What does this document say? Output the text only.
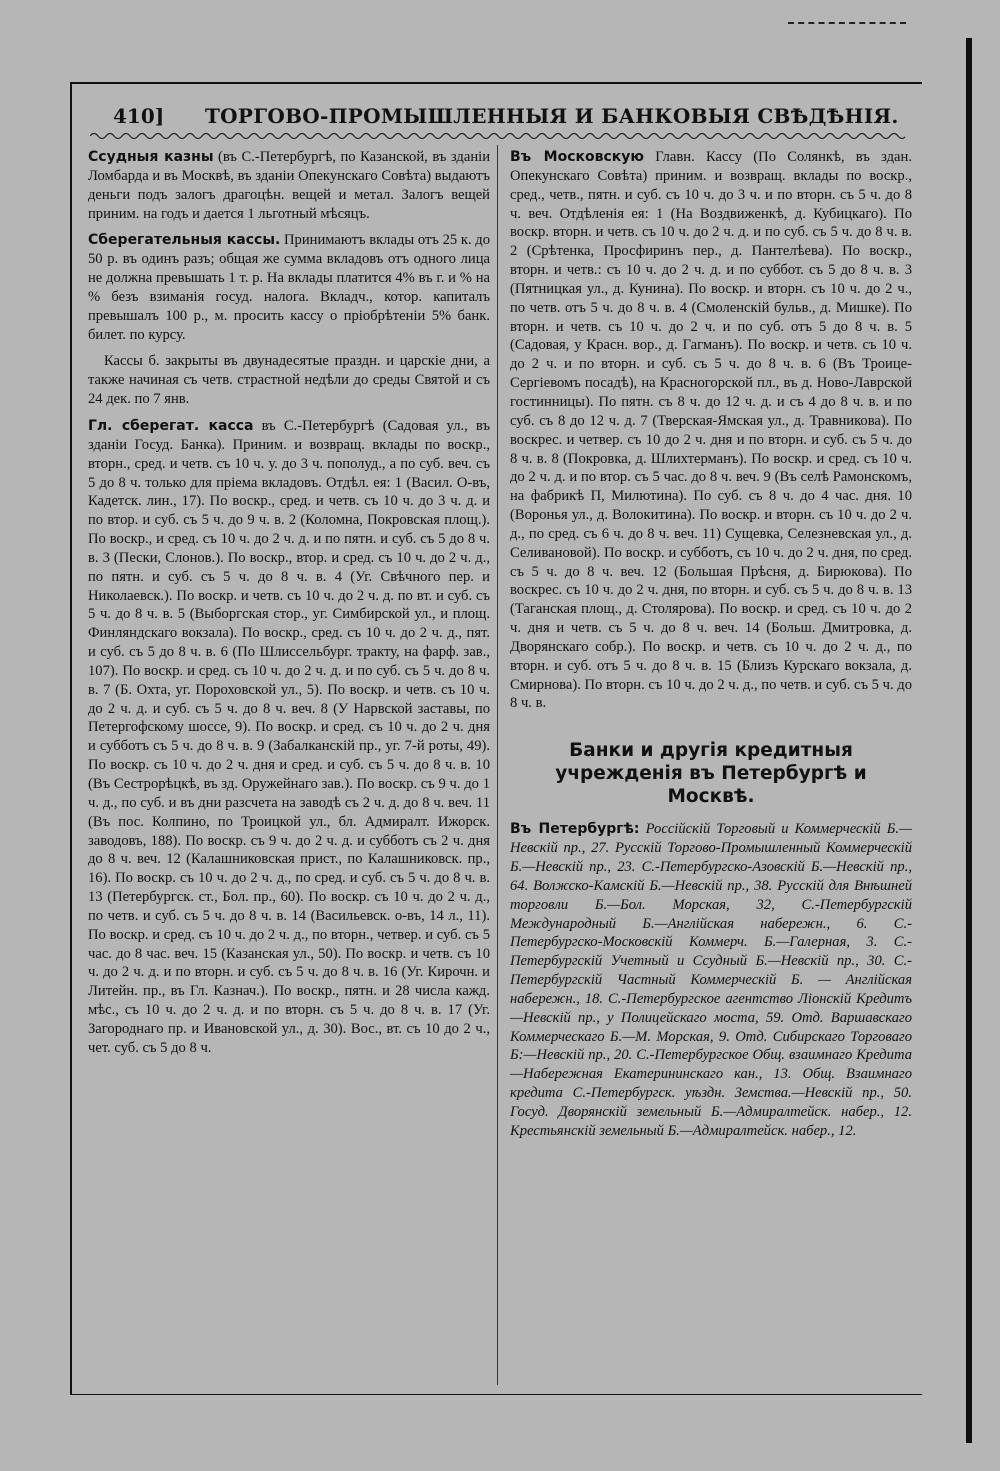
410] ТОРГОВО-ПРОМЫШЛЕННЫЯ И БАНКОВЫЯ СВѢДѢНIЯ.

Ссудныя казны (въ С.-Петербургѣ, по Казанской, въ зданiи Ломбарда и въ Москвѣ, въ зданiи Опекунскаго Совѣта) выдаютъ деньги подъ залогъ драгоцѣн. вещей и метал. Залогъ вещей приним. на годъ и дается 1 льготный мѣсяцъ.

Сберегательныя кассы. Принимаютъ вклады отъ 25 к. до 50 р. въ одинъ разъ; общая же сумма вкладовъ отъ одного лица не должна превышать 1 т. р. На вклады платится 4% въ г. и % на % безъ взиманiя госуд. налога. Вкладч., котор. капиталъ превышалъ 100 р., м. просить кассу о прiобрѣтенiи 5% банк. билет. по курсу.

Кассы б. закрыты въ двунадесятые праздн. и царскiе дни, а также начиная съ четв. страстной недѣли до среды Святой и съ 24 дек. по 7 янв.

Гл. сберегат. касса въ С.-Петербургѣ (Садовая ул., въ зданiи Госуд. Банка). Приним. и возвращ. вклады по воскр., вторн., сред. и четв. съ 10 ч. у. до 3 ч. пополуд., а по суб. веч. съ 5 до 8 ч. только для прiема вкладовъ. Отдѣл. ея: 1 (Васил. О-въ, Кадетск. лин., 17). По воскр., сред. и четв. съ 10 ч. до 3 ч. д. и по втор. и суб. съ 5 ч. до 9 ч. в. 2 (Коломна, Покровская площ.). По воскр., и сред. съ 10 ч. до 2 ч. д. и по пятн. и суб. съ 5 до 8 ч. в. 3 (Пески, Слонов.). По воскр., втор. и сред. съ 10 ч. до 2 ч. д., по пятн. и суб. съ 5 ч. до 8 ч. в. 4 (Уг. Свѣчного пер. и Николаевск.). По воскр. и четв. съ 10 ч. до 2 ч. д. по вт. и суб. съ 5 ч. до 8 ч. в. 5 (Выборгская стор., уг. Симбирской ул., и площ. Финляндскаго вокзала). По воскр., сред. съ 10 ч. до 2 ч. д., пят. и суб. съ 5 до 8 ч. в. 6 (По Шлиссельбург. тракту, на фарф. зав., 107). По воскр. и сред. съ 10 ч. до 2 ч. д. и по суб. съ 5 ч. до 8 ч. в. 7 (Б. Охта, уг. Пороховской ул., 5). По воскр. и четв. съ 10 ч. до 2 ч. д. и суб. съ 5 ч. до 8 ч. веч. 8 (У Нарвской заставы, по Петергофскому шоссе, 9). По воскр. и сред. съ 10 ч. до 2 ч. дня и субботъ съ 5 ч. до 8 ч. в. 9 (Забалканскiй пр., уг. 7-й роты, 49). По воскр. съ 10 ч. до 2 ч. дня и сред. и суб. съ 5 ч. до 8 ч. в. 10 (Въ Сестрорѣцкѣ, въ зд. Оружейнаго зав.). По воскр. съ 9 ч. до 1 ч. д., по суб. и въ дни разсчета на заводѣ съ 2 ч. д. до 8 ч. веч. 11 (Въ пос. Колпино, по Троицкой ул., бл. Адмиралт. Ижорск. заводовъ, 188). По воскр. съ 9 ч. до 2 ч. д. и субботъ съ 2 ч. дня до 8 ч. веч. 12 (Калашниковская прист., по Калашниковск. пр., 16). По воскр. съ 10 ч. до 2 ч. д., по сред. и суб. съ 5 ч. до 8 ч. в. 13 (Петербургск. ст., Бол. пр., 60). По воскр. съ 10 ч. до 2 ч. д., по четв. и суб. съ 5 ч. до 8 ч. в. 14 (Васильевск. о-въ, 14 л., 11). По воскр. и сред. съ 10 ч. до 2 ч. д., по вторн., четвер. и суб. съ 5 час. до 8 час. веч. 15 (Казанская ул., 50). По воскр. и четв. съ 10 ч. до 2 ч. д. и по вторн. и суб. съ 5 ч. до 8 ч. в. 16 (Уг. Кирочн. и Литейн. пр., въ Гл. Казнач.). По воскр., пятн. и 28 числа кажд. мѣс., съ 10 ч. до 2 ч. д. и по вторн. съ 5 ч. до 8 ч. в. 17 (Уг. Загороднаго пр. и Ивановской ул., д. 30). Вос., вт. съ 10 до 2 ч., чет. суб. съ 5 до 8 ч.

Въ Московскую Главн. Кассу (По Солянкѣ, въ здан. Опекунскаго Совѣта) приним. и возвращ. вклады по воскр., сред., четв., пятн. и суб. съ 10 ч. до 3 ч. и по вторн. съ 5 ч. до 8 ч. веч. Отдѣленiя ея: 1 (На Воздвиженкѣ, д. Кубицкаго). По воскр. вторн. и четв. съ 10 ч. до 2 ч. д. и по суб. съ 5 ч. до 8 ч. в. 2 (Срѣтенка, Просфиринъ пер., д. Пантелѣева). По воскр., вторн. и четв.: съ 10 ч. до 2 ч. д. и по суббот. съ 5 до 8 ч. в. 3 (Пятницкая ул., д. Кунина). По воскр. и вторн. съ 10 ч. до 2 ч., по четв. отъ 5 ч. до 8 ч. в. 4 (Смоленскiй бульв., д. Мишке). По вторн. и четв. съ 10 ч. до 2 ч. и по суб. отъ 5 до 8 ч. в. 5 (Садовая, у Красн. вор., д. Гагманъ). По воскр. и четв. съ 10 ч. до 2 ч. и по вторн. и суб. съ 5 ч. до 8 ч. в. 6 (Въ Троице-Сергiевомъ посадѣ), на Красногорской пл., въ д. Ново-Лаврской гостинницы). По пятн. съ 8 ч. до 12 ч. д. и съ 4 до 8 ч. в. и по суб. съ 8 до 12 ч. д. 7 (Тверская-Ямская ул., д. Травникова). По воскрес. и четвер. съ 10 до 2 ч. дня и по вторн. и суб. съ 5 ч. до 8 ч. в. 8 (Покровка, д. Шлихтерманъ). По воскр. и сред. съ 10 ч. до 2 ч. д. и по втор. съ 5 час. до 8 ч. веч. 9 (Въ селѣ Рамонскомъ, на фабрикѣ П, Милютина). По суб. съ 8 ч. до 4 час. дня. 10 (Воронья ул., д. Волокитина). По воскр. и вторн. съ 10 ч. до 2 ч. д., по сред. съ 6 ч. до 8 ч. веч. 11) Сущевка, Селезневская ул., д. Селивановой). По воскр. и субботъ, съ 10 ч. до 2 ч. дня, по сред. съ 5 ч. до 8 ч. веч. 12 (Большая Прѣсня, д. Бирюкова). По воскрес. съ 10 ч. до 2 ч. дня, по вторн. и суб. съ 5 ч. до 8 ч. в. 13 (Таганская площ., д. Столярова). По воскр. и сред. съ 10 ч. до 2 ч. дня и четв. съ 5 ч. до 8 ч. веч. 14 (Больш. Дмитровка, д. Дворянскаго собр.). По воскр. и четв. съ 10 ч. до 2 ч. д., по вторн. и суб. отъ 5 ч. до 8 ч. в. 15 (Близъ Курскаго вокзала, д. Смирнова). По вторн. съ 10 ч. до 2 ч. д., по четв. и суб. съ 5 ч. до 8 ч. в.

Банки и другiя кредитныя учрежденiя въ Петербургѣ и Москвѣ.

Въ Петербургѣ: Россiйскiй Торговый и Коммерческiй Б.—Невскiй пр., 27. Русскiй Торгово-Промышленный Коммерческiй Б.—Невскiй пр., 23. С.-Петербургско-Азовскiй Б.—Невскiй пр., 64. Волжско-Камскiй Б.—Невскiй пр., 38. Русскiй для Внѣшней торговли Б.—Бол. Морская, 32, С.-Петербургскiй Международный Б.—Англiйская набережн., 6. С.-Петербургско-Московскiй Коммерч. Б.—Галерная, 3. С.-Петербургскiй Учетный и Ссудный Б.—Невскiй пр., 30. С.-Петербургскiй Частный Коммерческiй Б. — Англiйская набережн., 18. С.-Петербургское агентство Лiонскiй Кредитъ—Невскiй пр., у Полицейскаго моста, 59. Отд. Варшавскаго Коммерческаго Б.—М. Морская, 9. Отд. Сибирскаго Торговаго Б:—Невскiй пр., 20. С.-Петербургское Общ. взаимнаго Кредита—Набережная Екатерининскаго кан., 13. Общ. Взаимнаго кредита С.-Петербургск. уѣздн. Земства.—Невскiй пр., 50. Госуд. Дворянскiй земельный Б.—Адмиралтейск. набер., 12. Крестьянскiй земельный Б.—Адмиралтейск. набер., 12.
